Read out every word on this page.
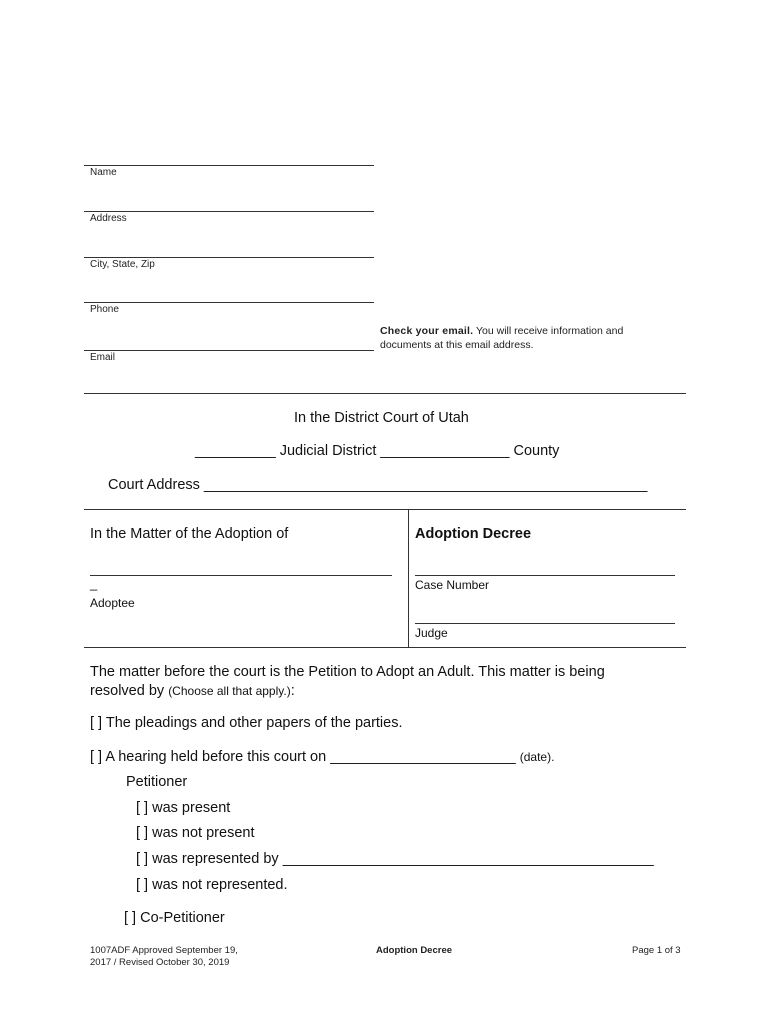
Name
Address
City, State, Zip
Phone
Email
Check your email. You will receive information and
documents at this email address.
In the District Court of Utah
__________ Judicial District ________________ County
Court Address _______________________________________________________
In the Matter of the Adoption of
_
Adoptee
Adoption Decree
Case Number
Judge
The matter before the court is the Petition to Adopt an Adult. This matter is being
resolved by (Choose all that apply.):
[ ] The pleadings and other papers of the parties.
[ ] A hearing held before this court on _______________________ (date).
Petitioner
[ ] was present
[ ] was not present
[ ] was represented by ______________________________________________
[ ] was not represented.
[ ] Co-Petitioner
1007ADF Approved September 19,
2017 / Revised October 30, 2019
Adoption Decree	Page 1 of 3
